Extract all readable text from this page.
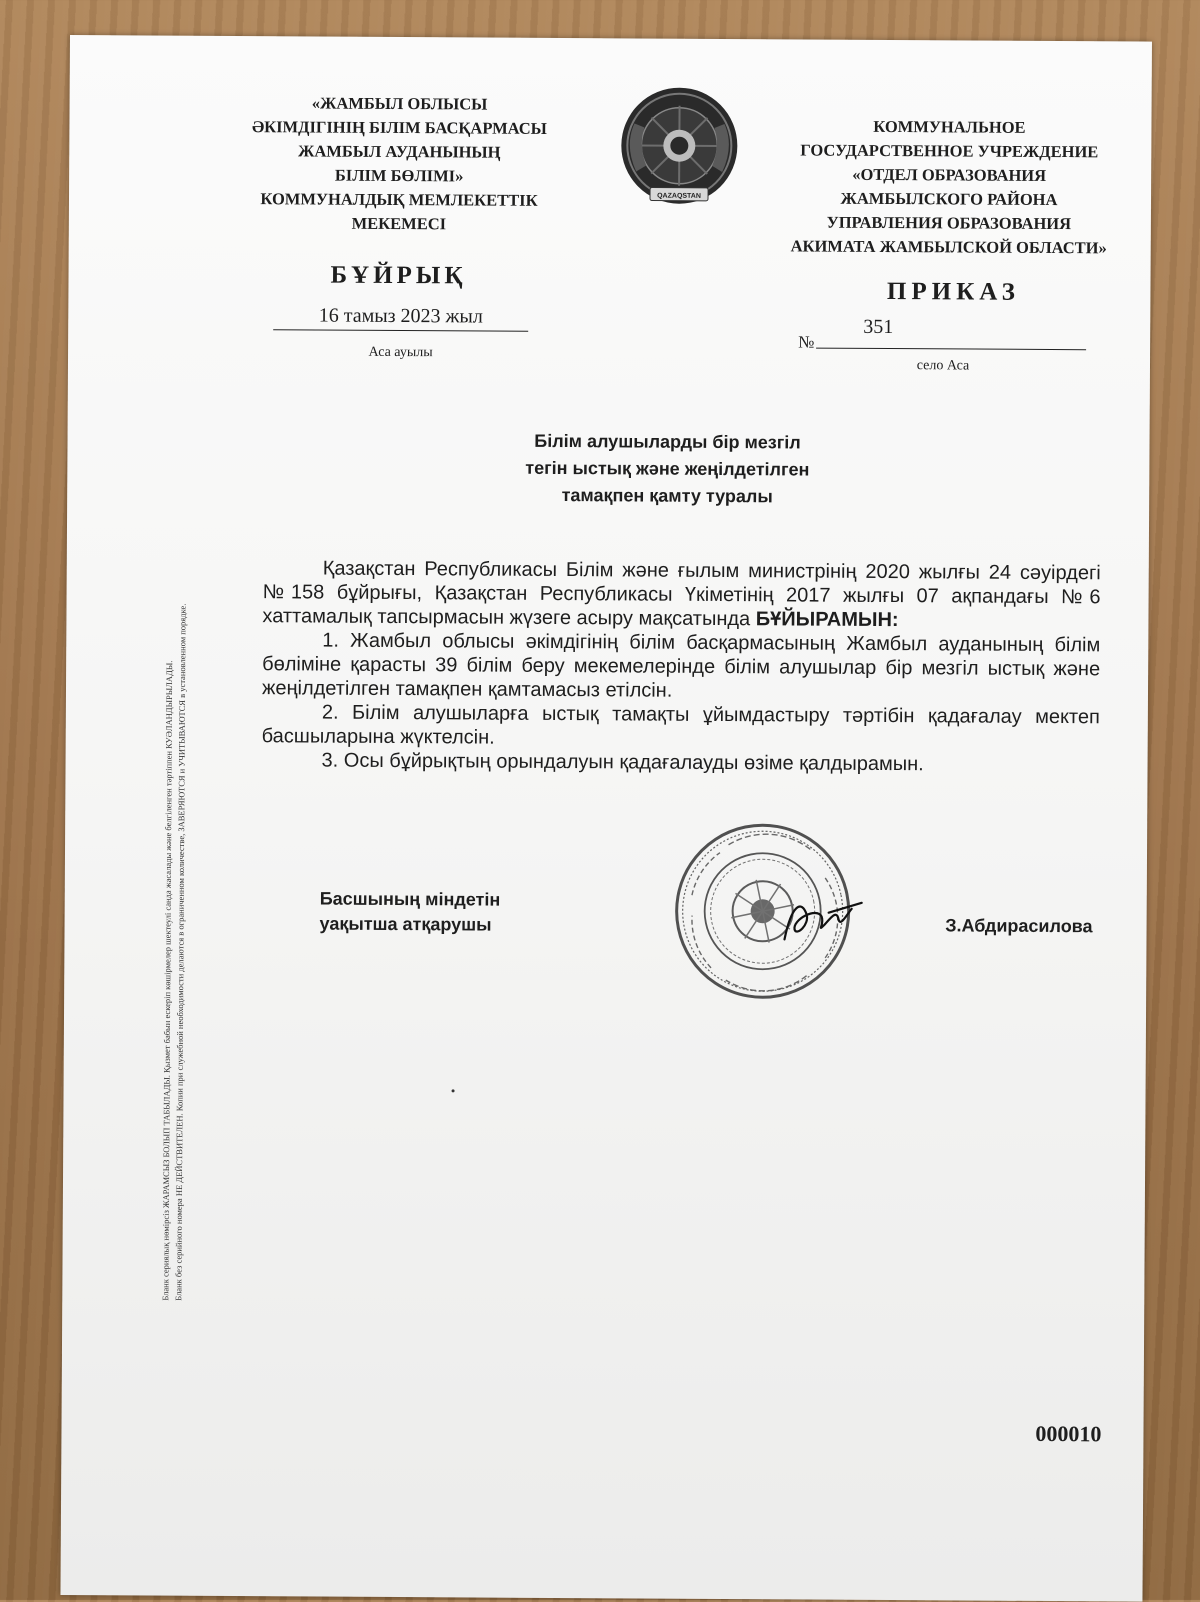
«ЖАМБЫЛ ОБЛЫСЫ
ӘКІМДІГІНІҢ БІЛІМ БАСҚАРМАСЫ
ЖАМБЫЛ АУДАНЫНЫҢ
БІЛІМ БӨЛІМІ»
КОММУНАЛДЫҚ МЕМЛЕКЕТТІК
МЕКЕМЕСІ
QAZAQSTAN
КОММУНАЛЬНОЕ
ГОСУДАРСТВЕННОЕ УЧРЕЖДЕНИЕ
«ОТДЕЛ ОБРАЗОВАНИЯ
ЖАМБЫЛСКОГО РАЙОНА
УПРАВЛЕНИЯ ОБРАЗОВАНИЯ
АКИМАТА ЖАМБЫЛСКОЙ ОБЛАСТИ»
БҰЙРЫҚ
16 тамыз 2023 жыл
Аса ауылы
ПРИКАЗ
№
351
село Аса
Білім алушыларды бір мезгіл
тегін ыстық және жеңілдетілген
тамақпен қамту туралы

Қазақстан Республикасы Білім және ғылым министрінің 2020 жылғы 24 сәуірдегі №158 бұйрығы, Қазақстан Республикасы Үкіметінің 2017 жылғы 07 ақпандағы №6 хаттамалық тапсырмасын жүзеге асыру мақсатында БҰЙЫРАМЫН:

1. Жамбыл облысы әкімдігінің білім басқармасының Жамбыл ауданының білім бөліміне қарасты 39 білім беру мекемелерінде білім алушылар бір мезгіл ыстық және жеңілдетілген тамақпен қамтамасыз етілсін.

2. Білім алушыларға ыстық тамақты ұйымдастыру тәртібін қадағалау мектеп басшыларына жүктелсін.

3. Осы бұйрықтың орындалуын қадағалауды өзіме қалдырамын.

Басшының міндетін
уақытша атқарушы	З.Абдирасилова
000010
Бланк сериялық нөмірсіз ЖАРАМСЫЗ БОЛЫП ТАБЫЛАДЫ. Қызмет бабын ескеріп көшірмелер шектеулі санда жасалады және белгіленген тәртіппен КУӘЛАНДЫРЫЛАДЫ. Бланк без серийного номера НЕ ДЕЙСТВИТЕЛЕН. Копии при служебной необходимости делаются в ограниченном количестве, ЗАВЕРЯЮТСЯ и УЧИТЫВАЮТСЯ в установленном порядке.
